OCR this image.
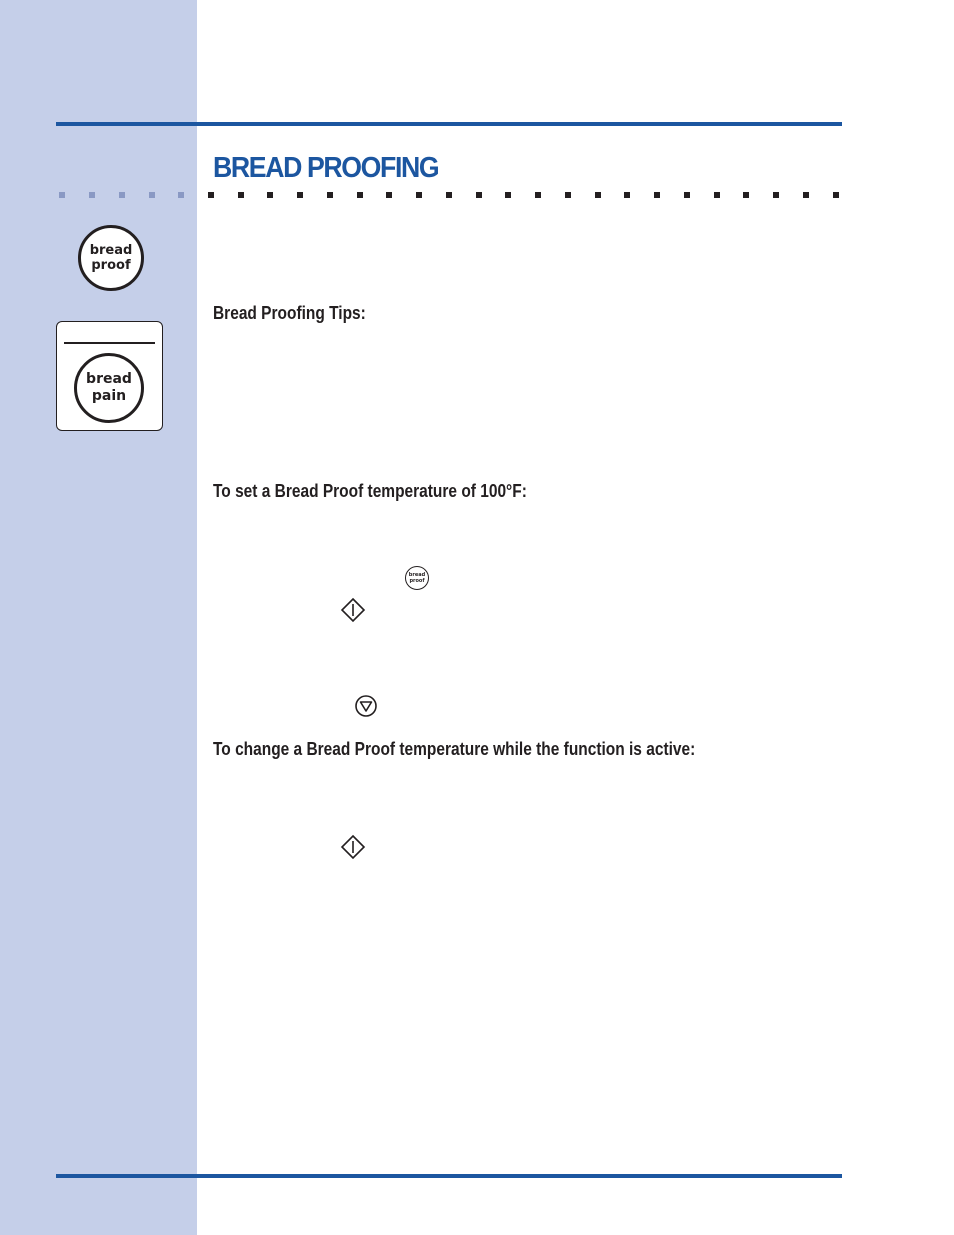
BREAD PROOFING
bread
proof
bread
pain
Bread Proofing Tips:
To set a Bread Proof temperature of 100°F:
bread
proof
To change a Bread Proof temperature while the function is active:
